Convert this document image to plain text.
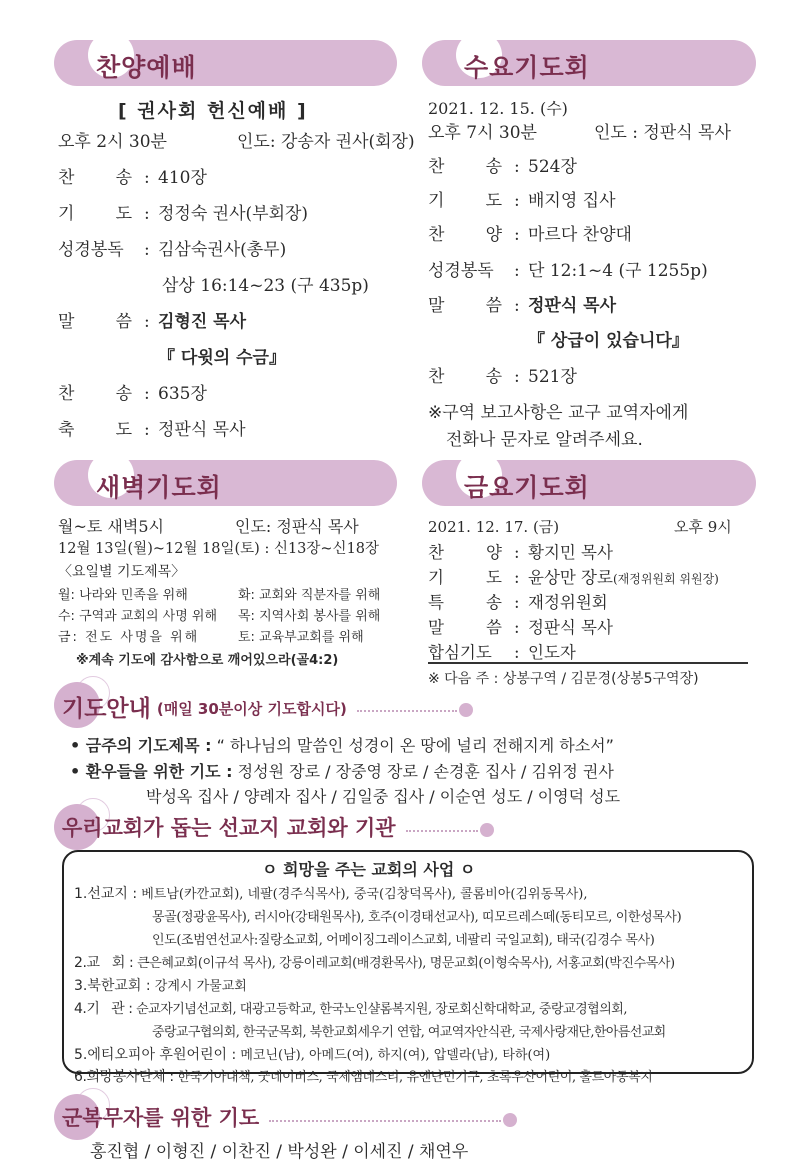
찬양예배
[ 권사회 헌신예배 ]
오후 2시 30분	인도: 강송자 권사(회장)
찬 송 : 410장
기 도 : 정정숙 권사(부회장)
성경봉독 : 김삼숙권사(총무)
삼상 16:14~23 (구 435p)
말 씀 : 김형진 목사
『 다윗의 수금』
찬 송 : 635장
축 도 : 정판식 목사
수요기도회
2021. 12. 15. (수)
오후 7시 30분	인도 : 정판식 목사
찬 송 : 524장
기 도 : 배지영 집사
찬 양 : 마르다 찬양대
성경봉독 : 단 12:1~4 (구 1255p)
말 씀 : 정판식 목사
『 상급이 있습니다』
찬 송 : 521장
※구역 보고사항은 교구 교역자에게
전화나 문자로 알려주세요.
새벽기도회
월~토 새벽5시	인도: 정판식 목사
12월 13일(월)~12월 18일(토) : 신13장~신18장
〈요일별 기도제목〉
월: 나라와 민족을 위해	화: 교회와 직분자를 위해
수: 구역과 교회의 사명 위해 목: 지역사회 봉사를 위해
금: 전도 사명을 위해	토: 교육부교회를 위해
※계속 기도에 감사함으로 깨어있으라(골4:2)
금요기도회
2021. 12. 17. (금)	오후 9시
찬	양 : 황지민 목사
기	도 : 윤상만 장로(재정위원회 위원장)
특	송 : 재정위원회
말	씀 : 정판식 목사
합심기도 : 인도자
※ 다음 주 : 상봉구역 / 김문경(상봉5구역장)
기도안내 (매일 30분이상 기도합시다)
• 금주의 기도제목 : “ 하나님의 말씀인 성경이 온 땅에 널리 전해지게 하소서”
• 환우들을 위한 기도 : 정성원 장로 / 장중영 장로 / 손경훈 집사 / 김위정 권사
박성옥 집사 / 양례자 집사 / 김일중 집사 / 이순연 성도 / 이영덕 성도
우리교회가 돕는 선교지 교회와 기관
ㅇ 희망을 주는 교회의 사업 ㅇ
1.선교지 : 베트남(카깐교회), 네팔(경주식목사), 중국(김창덕목사), 콜롬비아(김위동목사),
몽골(정광윤목사), 러시아(강태원목사), 호주(이경태선교사), 띠모르레스떼(동티모르, 이한성목사)
인도(조범연선교사:질랑소교회, 어메이징그레이스교회, 네팔리 국일교회), 태국(김경수 목사)
2.교   회 : 큰은혜교회(이규석 목사), 강릉이레교회(배경환목사), 명문교회(이형숙목사), 서홍교회(박진수목사)
3.북한교회 : 강계시 가물교회
4.기   관 : 순교자기념선교회, 대광고등학교, 한국노인샬롬복지원, 장로회신학대학교, 중랑교경협의회,
중랑교구협의회, 한국군목회, 북한교회세우기 연합, 여교역자안식관, 국제사랑재단,한아름선교회
5.에티오피아 후원어린이 : 메코닌(남), 아메드(여), 하지(여), 압델라(남), 타하(여)
6.희망봉사단체 : 한국기아대책, 굿네이버스, 국제앰네스티, 유엔난민기구, 초록우산어린이, 홀트아동복지
군복무자를 위한 기도
홍진협 / 이형진 / 이찬진 / 박성완 / 이세진 / 채연우
